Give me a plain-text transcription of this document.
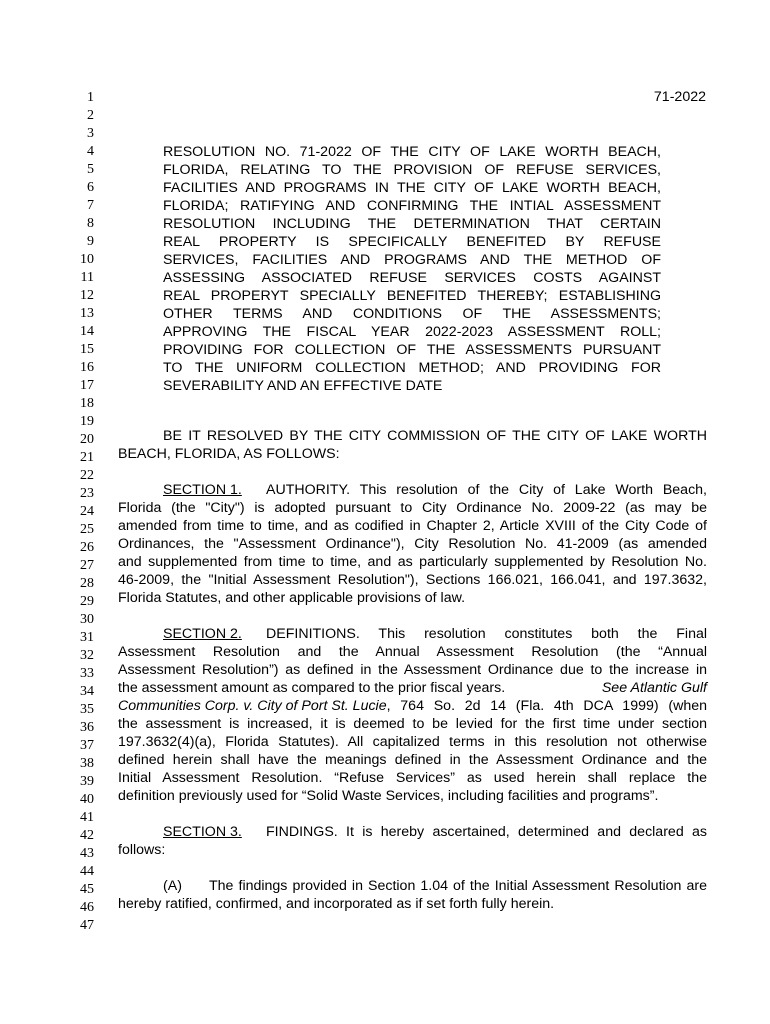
71-2022
1
2
3
4
5
6
7
8
9
10
11
12
13
14
15
16
17
18
19
20
21
22
23
24
25
26
27
28
29
30
31
32
33
34
35
36
37
38
39
40
41
42
43
44
45
46
47
RESOLUTION NO. 71-2022 OF THE CITY OF LAKE WORTH BEACH,
FLORIDA, RELATING TO THE PROVISION OF REFUSE SERVICES,
FACILITIES AND PROGRAMS IN THE CITY OF LAKE WORTH BEACH,
FLORIDA; RATIFYING AND CONFIRMING THE INTIAL ASSESSMENT
RESOLUTION INCLUDING THE DETERMINATION THAT CERTAIN
REAL PROPERTY IS SPECIFICALLY BENEFITED BY REFUSE
SERVICES, FACILITIES AND PROGRAMS AND THE METHOD OF
ASSESSING ASSOCIATED REFUSE SERVICES COSTS AGAINST
REAL PROPERYT SPECIALLY BENEFITED THEREBY; ESTABLISHING
OTHER TERMS AND CONDITIONS OF THE ASSESSMENTS;
APPROVING THE FISCAL YEAR 2022-2023 ASSESSMENT ROLL;
PROVIDING FOR COLLECTION OF THE ASSESSMENTS PURSUANT
TO THE UNIFORM COLLECTION METHOD; AND PROVIDING FOR
SEVERABILITY AND AN EFFECTIVE DATE
BE IT RESOLVED BY THE CITY COMMISSION OF THE CITY OF LAKE WORTH
BEACH, FLORIDA, AS FOLLOWS:
SECTION 1. AUTHORITY. This resolution of the City of Lake Worth Beach,
Florida (the "City") is adopted pursuant to City Ordinance No. 2009-22 (as may be
amended from time to time, and as codified in Chapter 2, Article XVIII of the City Code of
Ordinances, the "Assessment Ordinance"), City Resolution No. 41-2009 (as amended
and supplemented from time to time, and as particularly supplemented by Resolution No.
46-2009, the "Initial Assessment Resolution"), Sections 166.021, 166.041, and 197.3632,
Florida Statutes, and other applicable provisions of law.
SECTION 2. DEFINITIONS. This resolution constitutes both the Final
Assessment Resolution and the Annual Assessment Resolution (the “Annual
Assessment Resolution”) as defined in the Assessment Ordinance due to the increase in
the assessment amount as compared to the prior fiscal years.	See Atlantic Gulf
Communities Corp. v. City of Port St. Lucie , 764 So. 2d 14 (Fla. 4th DCA 1999) (when
the assessment is increased, it is deemed to be levied for the first time under section
197.3632(4)(a), Florida Statutes). All capitalized terms in this resolution not otherwise
defined herein shall have the meanings defined in the Assessment Ordinance and the
Initial Assessment Resolution. “Refuse Services” as used herein shall replace the
definition previously used for “Solid Waste Services, including facilities and programs”.
SECTION 3. FINDINGS. It is hereby ascertained, determined and declared as
follows:
(A) The findings provided in Section 1.04 of the Initial Assessment Resolution are
hereby ratified, confirmed, and incorporated as if set forth fully herein.
